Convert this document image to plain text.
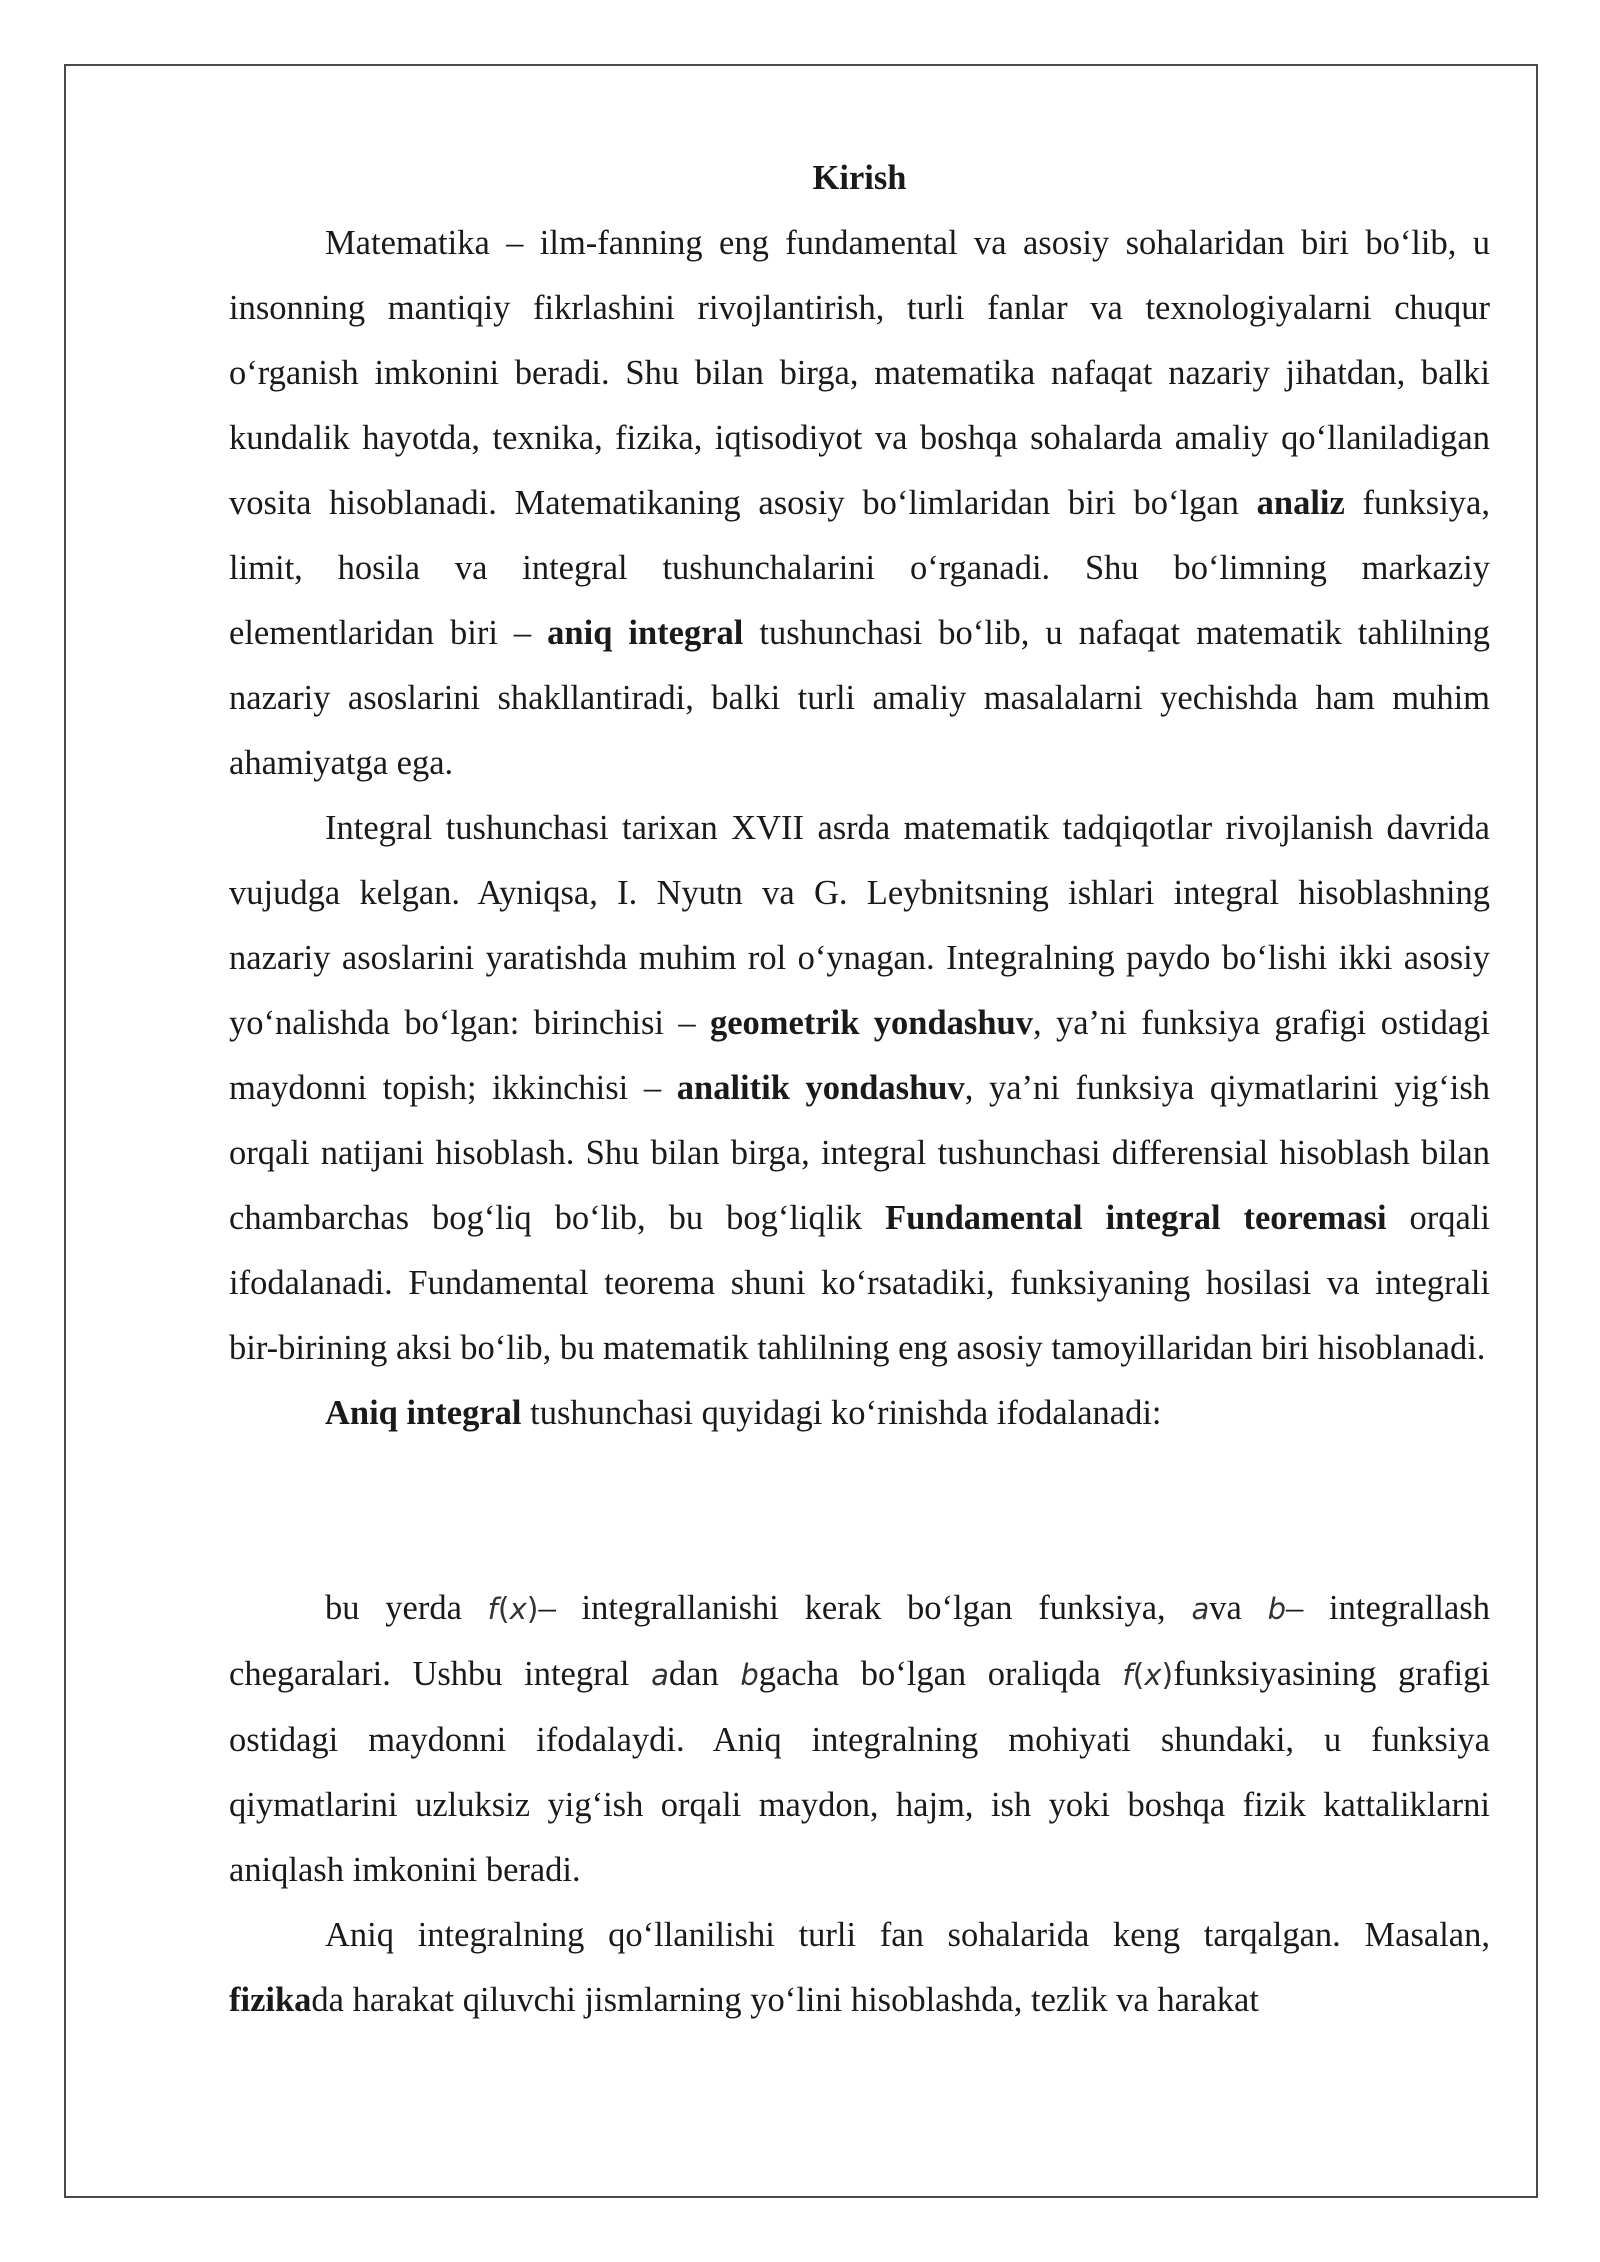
Kirish

Matematika – ilm-fanning eng fundamental va asosiy sohalaridan biri bo‘lib, u insonning mantiqiy fikrlashini rivojlantirish, turli fanlar va texnologiyalarni chuqur o‘rganish imkonini beradi. Shu bilan birga, matematika nafaqat nazariy jihatdan, balki kundalik hayotda, texnika, fizika, iqtisodiyot va boshqa sohalarda amaliy qo‘llaniladigan vosita hisoblanadi. Matematikaning asosiy bo‘limlaridan biri bo‘lgan analiz funksiya, limit, hosila va integral tushunchalarini o‘rganadi. Shu bo‘limning markaziy elementlaridan biri – aniq integral tushunchasi bo‘lib, u nafaqat matematik tahlilning nazariy asoslarini shakllantiradi, balki turli amaliy masalalarni yechishda ham muhim ahamiyatga ega.

Integral tushunchasi tarixan XVII asrda matematik tadqiqotlar rivojlanish davrida vujudga kelgan. Ayniqsa, I. Nyutn va G. Leybnitsning ishlari integral hisoblashning nazariy asoslarini yaratishda muhim rol o‘ynagan. Integralning paydo bo‘lishi ikki asosiy yo‘nalishda bo‘lgan: birinchisi – geometrik yondashuv, ya’ni funksiya grafigi ostidagi maydonni topish; ikkinchisi – analitik yondashuv, ya’ni funksiya qiymatlarini yig‘ish orqali natijani hisoblash. Shu bilan birga, integral tushunchasi differensial hisoblash bilan chambarchas bog‘liq bo‘lib, bu bog‘liqlik Fundamental integral teoremasi orqali ifodalanadi. Fundamental teorema shuni ko‘rsatadiki, funksiyaning hosilasi va integrali bir-birining aksi bo‘lib, bu matematik tahlilning eng asosiy tamoyillaridan biri hisoblanadi.

Aniq integral tushunchasi quyidagi ko‘rinishda ifodalanadi:

bu yerda f(x)– integrallanishi kerak bo‘lgan funksiya, ava b– integrallash chegaralari. Ushbu integral adan bgacha bo‘lgan oraliqda f(x)funksiyasining grafigi ostidagi maydonni ifodalaydi. Aniq integralning mohiyati shundaki, u funksiya qiymatlarini uzluksiz yig‘ish orqali maydon, hajm, ish yoki boshqa fizik kattaliklarni aniqlash imkonini beradi.

Aniq integralning qo‘llanilishi turli fan sohalarida keng tarqalgan. Masalan, fizikada harakat qiluvchi jismlarning yo‘lini hisoblashda, tezlik va harakat
